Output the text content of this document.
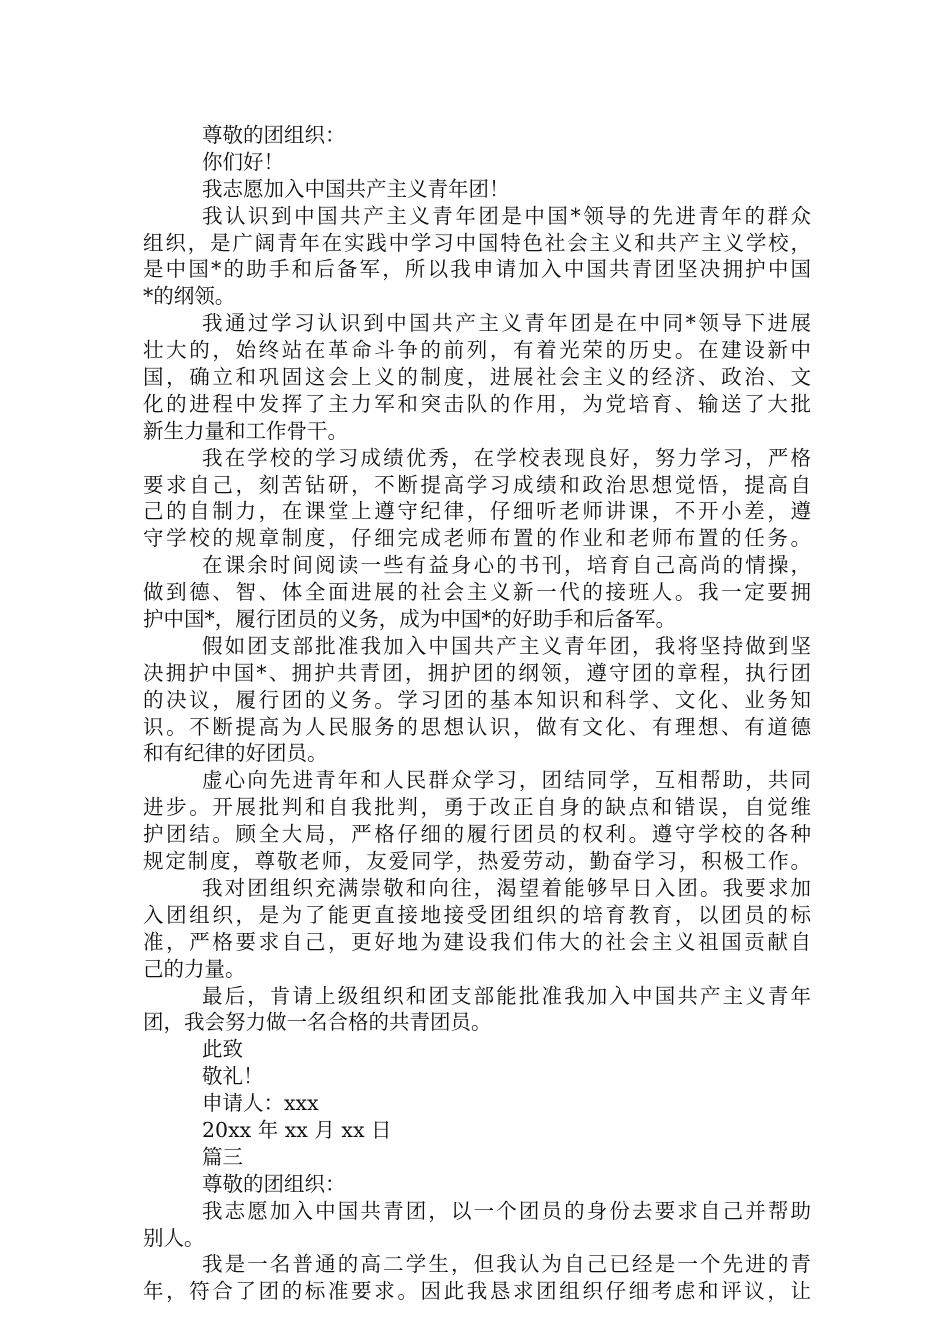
尊敬的团组织：
你们好！
我志愿加入中国共产主义青年团！
我认识到中国共产主义青年团是中国*领导的先进青年的群众
组织，是广阔青年在实践中学习中国特色社会主义和共产主义学校，
是中国*的助手和后备军，所以我申请加入中国共青团坚决拥护中国
*的纲领。
我通过学习认识到中国共产主义青年团是在中同*领导下进展
壮大的，始终站在革命斗争的前列，有着光荣的历史。在建设新中
国，确立和巩固这会上义的制度，进展社会主义的经济、政治、文
化的进程中发挥了主力军和突击队的作用，为党培育、输送了大批
新生力量和工作骨干。
我在学校的学习成绩优秀，在学校表现良好，努力学习，严格
要求自己，刻苦钻研，不断提高学习成绩和政治思想觉悟，提高自
己的自制力，在课堂上遵守纪律，仔细听老师讲课，不开小差，遵
守学校的规章制度，仔细完成老师布置的作业和老师布置的任务。
在课余时间阅读一些有益身心的书刊，培育自己高尚的情操，
做到德、智、体全面进展的社会主义新一代的接班人。我一定要拥
护中国*，履行团员的义务，成为中国*的好助手和后备军。
假如团支部批准我加入中国共产主义青年团，我将坚持做到坚
决拥护中国*、拥护共青团，拥护团的纲领，遵守团的章程，执行团
的决议，履行团的义务。学习团的基本知识和科学、文化、业务知
识。不断提高为人民服务的思想认识，做有文化、有理想、有道德
和有纪律的好团员。
虚心向先进青年和人民群众学习，团结同学，互相帮助，共同
进步。开展批判和自我批判，勇于改正自身的缺点和错误，自觉维
护团结。顾全大局，严格仔细的履行团员的权利。遵守学校的各种
规定制度，尊敬老师，友爱同学，热爱劳动，勤奋学习，积极工作。
我对团组织充满崇敬和向往，渴望着能够早日入团。我要求加
入团组织，是为了能更直接地接受团组织的培育教育，以团员的标
准，严格要求自己，更好地为建设我们伟大的社会主义祖国贡献自
己的力量。
最后，肯请上级组织和团支部能批准我加入中国共产主义青年
团，我会努力做一名合格的共青团员。
此致
敬礼！
申请人：xxx
20xx 年 xx 月 xx 日
篇三
尊敬的团组织：
我志愿加入中国共青团，以一个团员的身份去要求自己并帮助
别人。
我是一名普通的高二学生，但我认为自己已经是一个先进的青
年，符合了团的标准要求。因此我恳求团组织仔细考虑和评议，让
